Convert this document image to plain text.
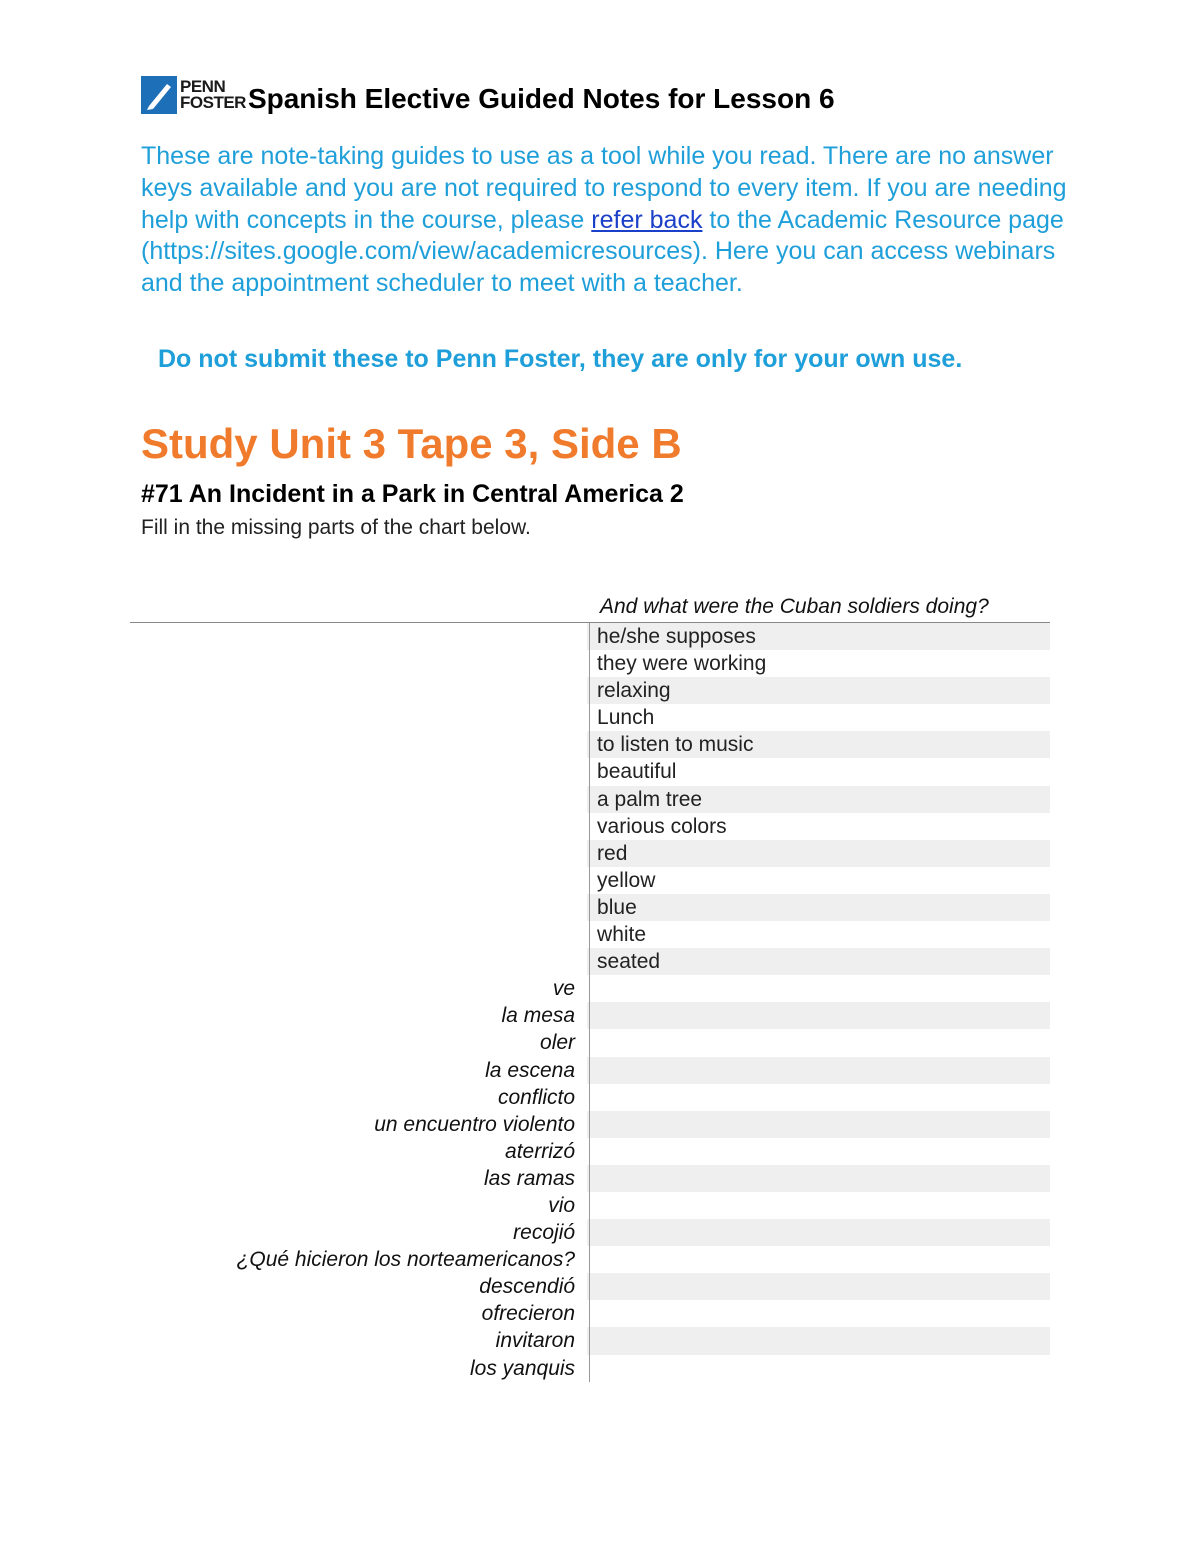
PENN
FOSTER Spanish Elective Guided Notes for Lesson 6

These are note-taking guides to use as a tool while you read. There are no answer keys available and you are not required to respond to every item. If you are needing help with concepts in the course, please refer back to the Academic Resource page (https://sites.google.com/view/academicresources). Here you can access webinars and the appointment scheduler to meet with a teacher.

Do not submit these to Penn Foster, they are only for your own use.
Study Unit 3 Tape 3, Side B
#71 An Incident in a Park in Central America 2
Fill in the missing parts of the chart below.
And what were the Cuban soldiers doing?
he/she supposes
they were working
relaxing
Lunch
to listen to music
beautiful
a palm tree
various colors
red
yellow
blue
white
seated
ve
la mesa
oler
la escena
conflicto
un encuentro violento
aterrizó
las ramas
vio
recojió
¿Qué hicieron los norteamericanos?
descendió
ofrecieron
invitaron
los yanquis
